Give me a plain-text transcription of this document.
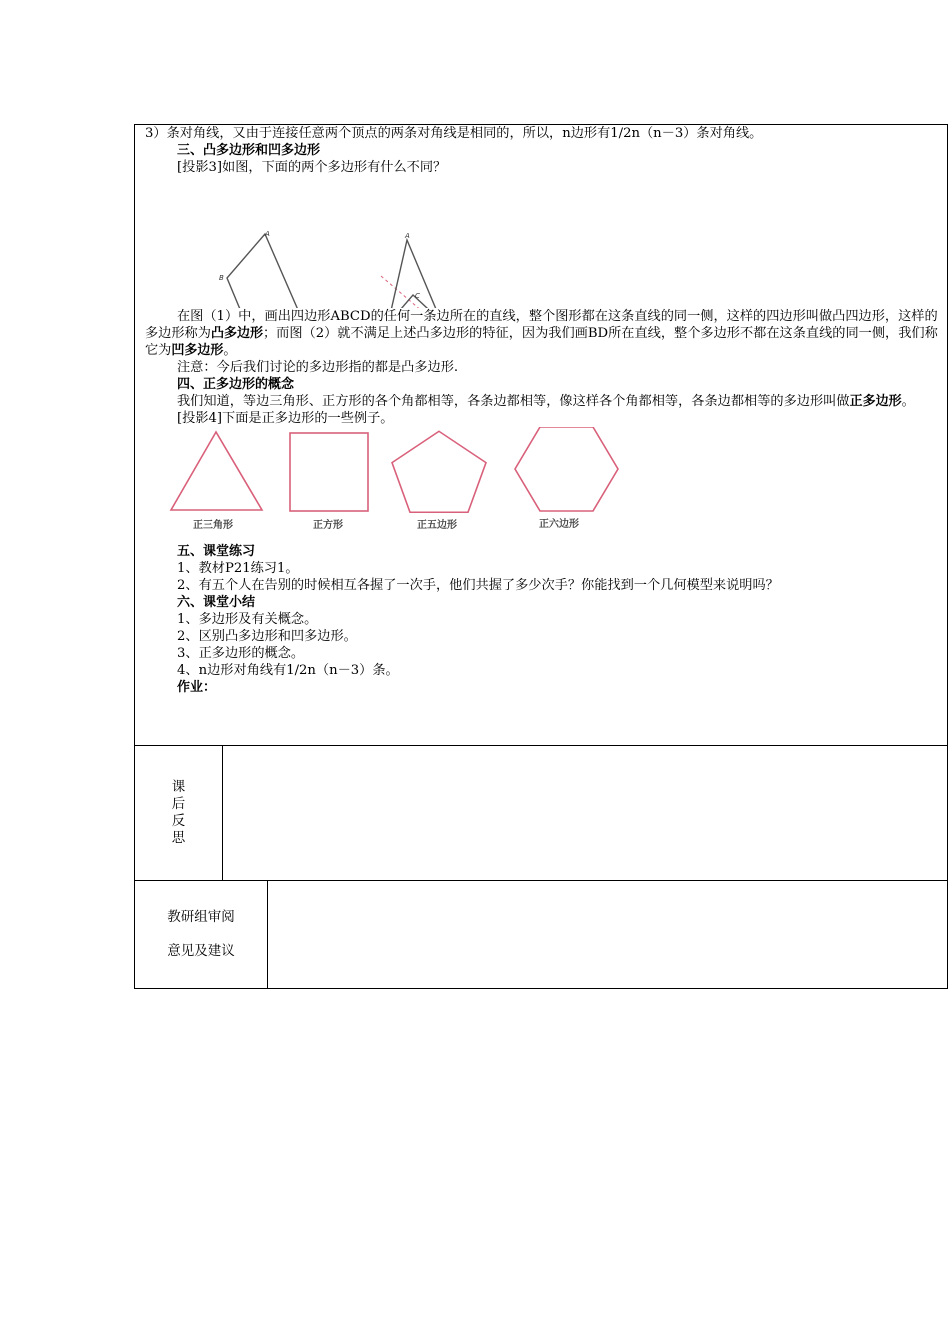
3）条对角线，又由于连接任意两个顶点的两条对角线是相同的，所以，n边形有1/2n（n－3）条对角线。

三、凸多边形和凹多边形

[投影3]如图，下面的两个多边形有什么不同？

A
B
A
C

在图（1）中，画出四边形ABCD的任何一条边所在的直线，整个图形都在这条直线的同一侧，这样的四边形叫做凸四边形，这样的多边形称为凸多边形；而图（2）就不满足上述凸多边形的特征，因为我们画BD所在直线，整个多边形不都在这条直线的同一侧，我们称它为凹多边形。

注意：今后我们讨论的多边形指的都是凸多边形.

四、正多边形的概念

我们知道，等边三角形、正方形的各个角都相等，各条边都相等，像这样各个角都相等，各条边都相等的多边形叫做正多边形。

[投影4]下面是正多边形的一些例子。

正三角形	正方形	正五边形	正六边形

五、课堂练习

1、教材P21练习1。

2、有五个人在告别的时候相互各握了一次手，他们共握了多少次手？你能找到一个几何模型来说明吗？

六、课堂小结

1、多边形及有关概念。

2、区别凸多边形和凹多边形。

3、正多边形的概念。

4、n边形对角线有1/2n（n－3）条。

作业：

课
后
反
思
教研组审阅

意见及建议
